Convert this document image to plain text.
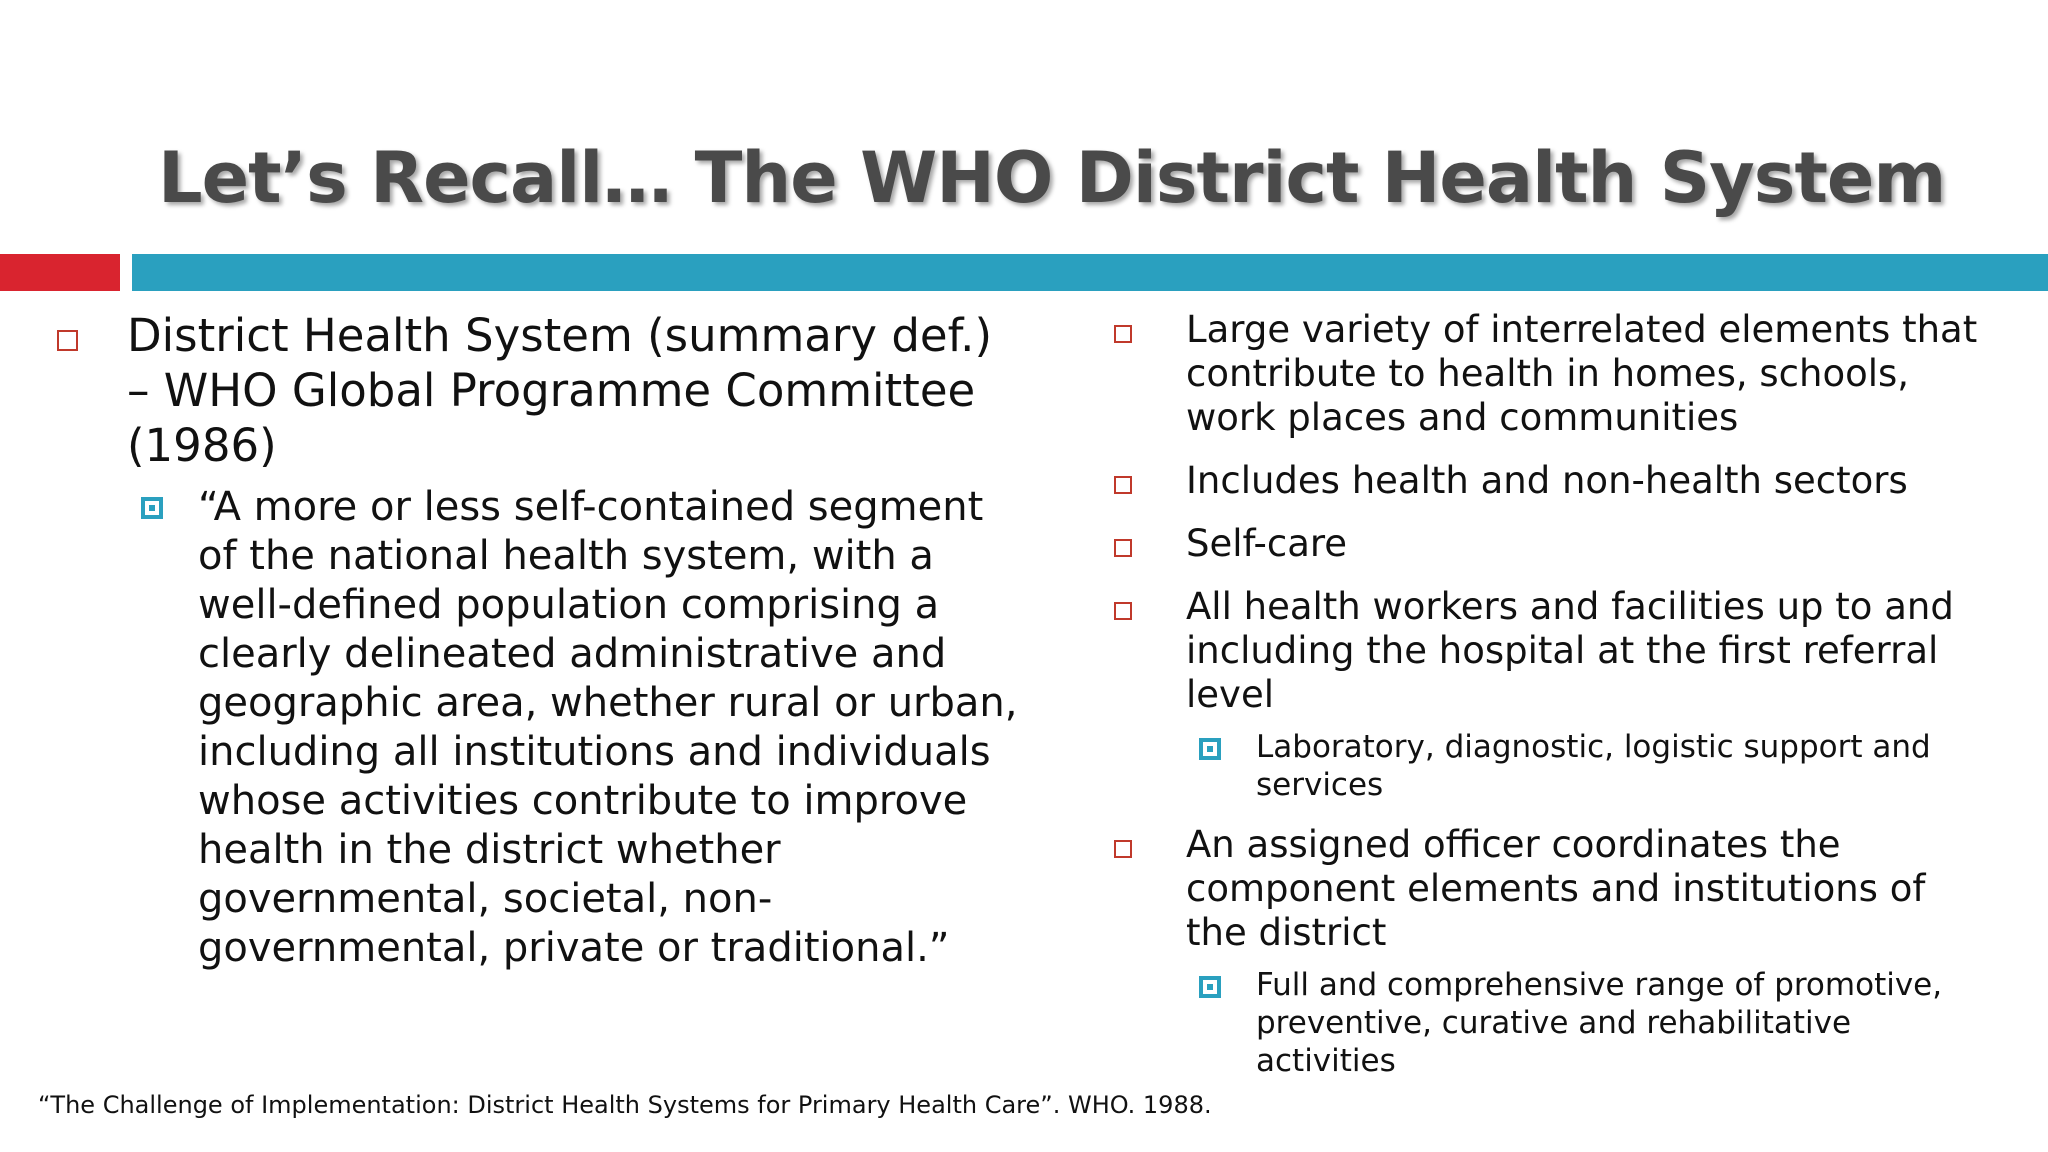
Let’s Recall… The WHO District Health System
District Health System (summary def.) – WHO Global Programme Committee (1986)
“A more or less self-contained segment of the national health system, with a well-defined population comprising a clearly delineated administrative and geographic area, whether rural or urban, including all institutions and individuals whose activities contribute to improve health in the district whether governmental, societal, non-governmental, private or traditional.”
Large variety of interrelated elements that contribute to health in homes, schools, work places and communities
Includes health and non-health sectors
Self-care
All health workers and facilities up to and including the hospital at the first referral level
Laboratory, diagnostic, logistic support and services
An assigned officer coordinates the component elements and institutions of the district
Full and comprehensive range of promotive, preventive, curative and rehabilitative activities
“The Challenge of Implementation: District Health Systems for Primary Health Care”. WHO. 1988.
